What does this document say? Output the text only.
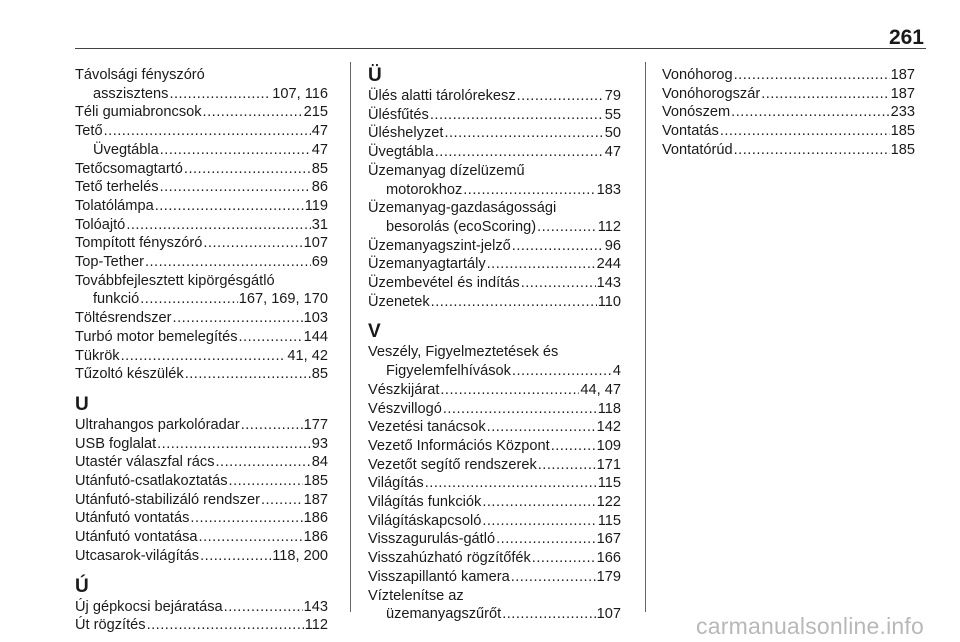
261
Távolsági fényszóró
asszisztens .....	107, 116
Téli gumiabroncsok .....	215
Tető .....	47
Üvegtábla .....	47
Tetőcsomagtartó .....	85
Tető terhelés .....	86
Tolatólámpa .....	119
Tolóajtó .....	31
Tompított fényszóró .....	107
Top-Tether .....	69
Továbbfejlesztett kipörgésgátló
funkció .....	167, 169, 170
Töltésrendszer .....	103
Turbó motor bemelegítés .....	144
Tükrök .....	41, 42
Tűzoltó készülék .....	85
U
Ultrahangos parkolóradar .....	177
USB foglalat .....	93
Utastér válaszfal rács .....	84
Utánfutó-csatlakoztatás .....	185
Utánfutó-stabilizáló rendszer .....	187
Utánfutó vontatás .....	186
Utánfutó vontatása .....	186
Utcasarok-világítás .....	118, 200
Ú
Új gépkocsi bejáratása .....	143
Út rögzítés .....	112
Ü
Ülés alatti tárolórekesz .....	79
Ülésfűtés .....	55
Üléshelyzet .....	50
Üvegtábla .....	47
Üzemanyag dízelüzemű
motorokhoz .....	183
Üzemanyag-gazdaságossági
besorolás (ecoScoring) .....	112
Üzemanyagszint-jelző .....	96
Üzemanyagtartály .....	244
Üzembevétel és indítás .....	143
Üzenetek .....	110
V
Veszély, Figyelmeztetések és
Figyelemfelhívások .....	4
Vészkijárat .....	44, 47
Vészvillogó .....	118
Vezetési tanácsok .....	142
Vezető Információs Központ .....	109
Vezetőt segítő rendszerek .....	171
Világítás .....	115
Világítás funkciók .....	122
Világításkapcsoló .....	115
Visszagurulás-gátló .....	167
Visszahúzható rögzítőfék .....	166
Visszapillantó kamera .....	179
Víztelenítse az
üzemanyagszűrőt .....	107
Vonóhorog .....	187
Vonóhorogszár .....	187
Vonószem .....	233
Vontatás .....	185
Vontatórúd .....	185
carmanualsonline.info
